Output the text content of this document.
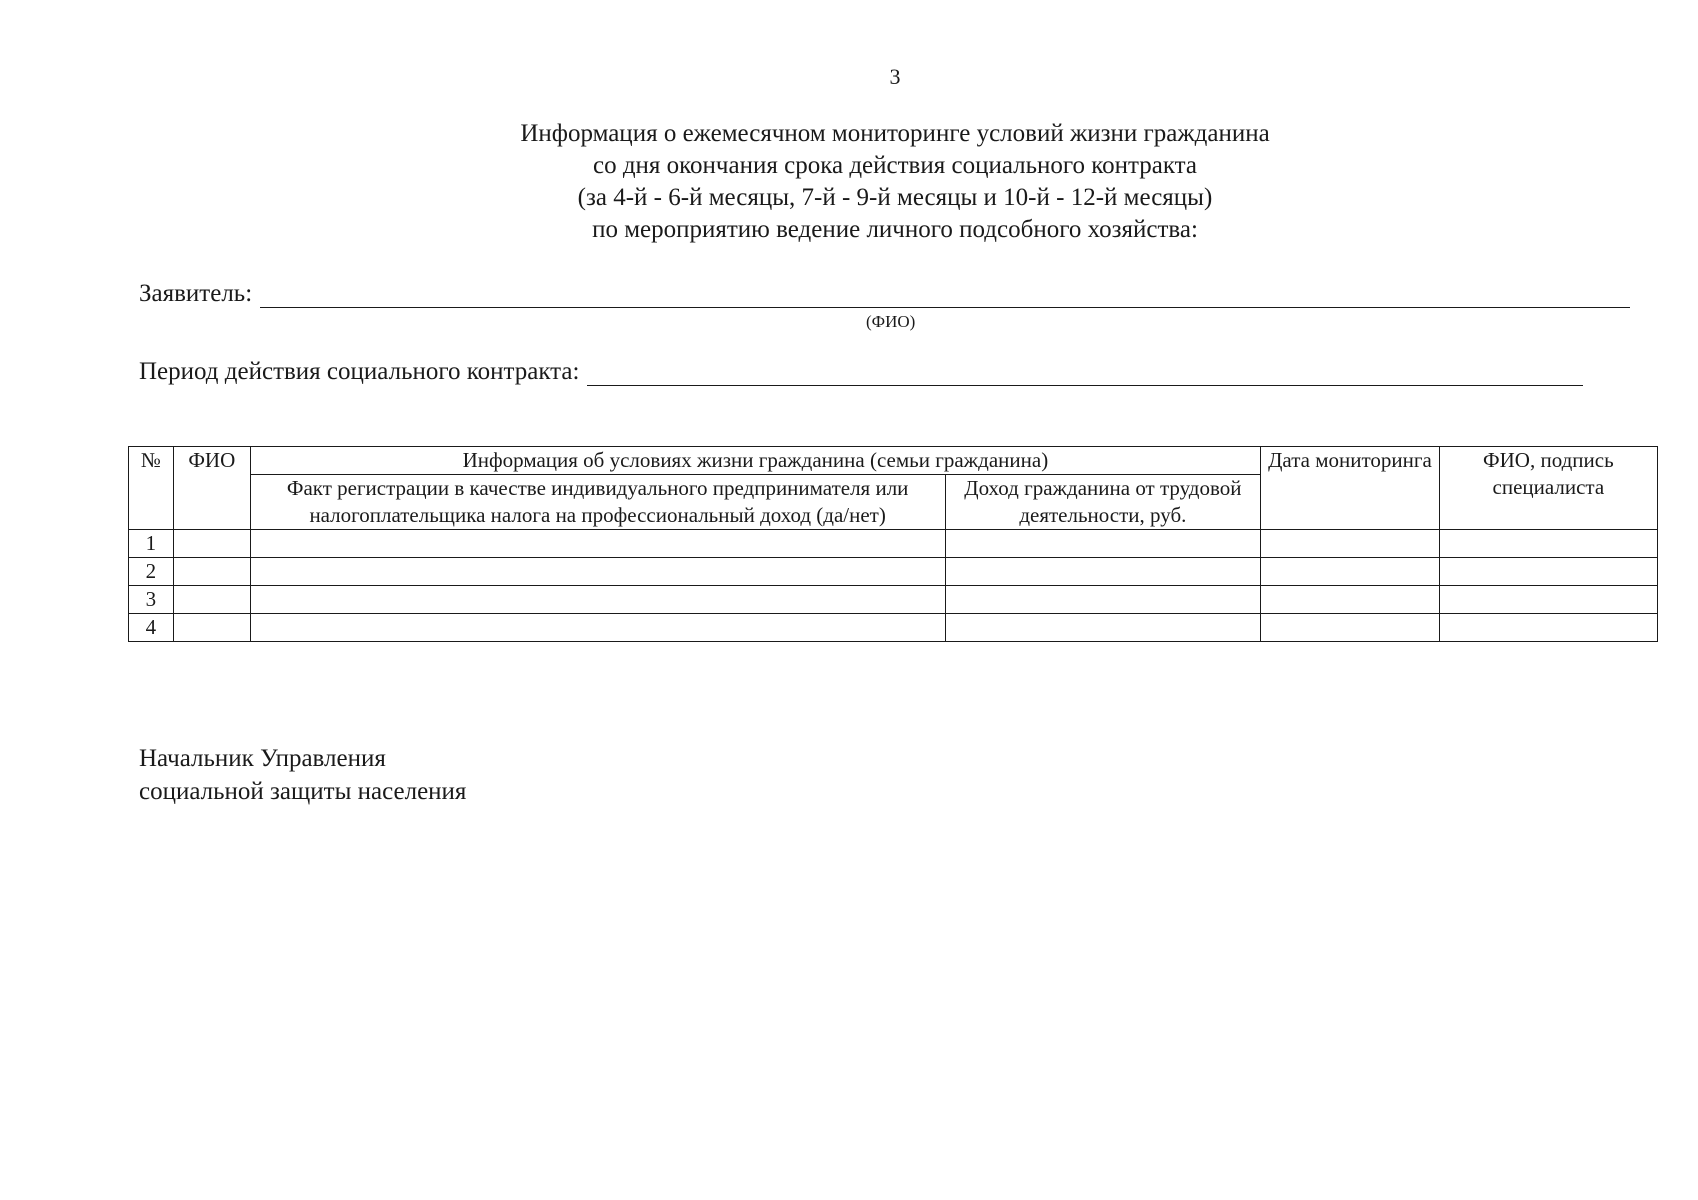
3
Информация о ежемесячном мониторинге условий жизни гражданина
со дня окончания срока действия социального контракта
(за 4-й - 6-й месяцы, 7-й - 9-й месяцы и 10-й - 12-й месяцы)
по мероприятию ведение личного подсобного хозяйства:
Заявитель:
(ФИО)
Период действия социального контракта:
№	ФИО	Информация об условиях жизни гражданина (семьи гражданина)		Дата мониторинга	ФИО, подпись специалиста
		Факт регистрации в качестве индивидуального предпринимателя или налогоплательщика налога на профессиональный доход (да/нет)	Доход гражданина от трудовой деятельности, руб.		
1					
2					
3					
4					
Начальник Управления
социальной защиты населения
